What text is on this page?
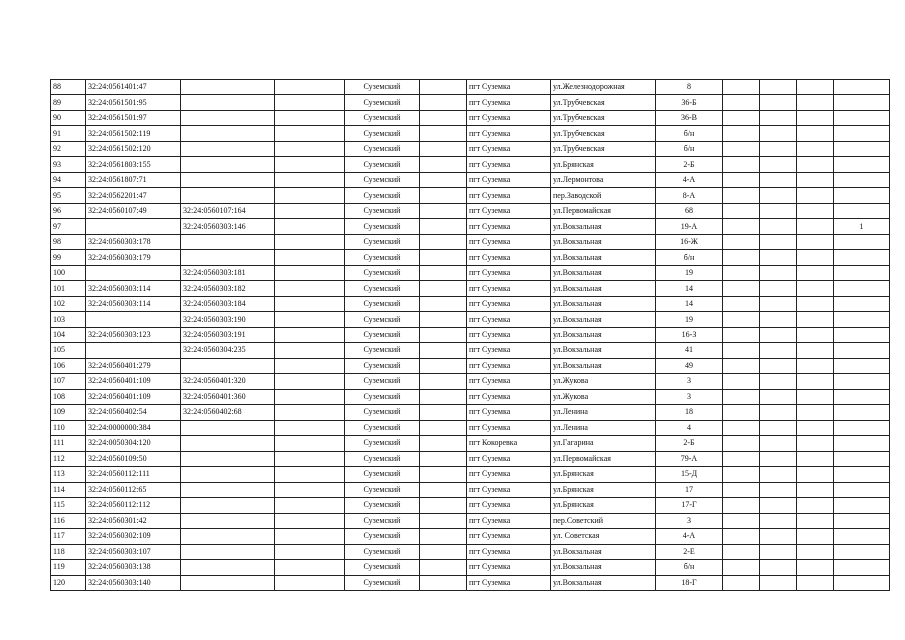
88	32:24:0561401:47			Суземский		пгт Суземка	ул.Железнодорожная	8				
89	32:24:0561501:95			Суземский		пгт Суземка	ул.Трубчевская	36-Б				
90	32:24:0561501:97			Суземский		пгт Суземка	ул.Трубчевская	36-В				
91	32:24:0561502:119			Суземский		пгт Суземка	ул.Трубчевская	б/н				
92	32:24:0561502:120			Суземский		пгт Суземка	ул.Трубчевская	б/н				
93	32:24:0561803:155			Суземский		пгт Суземка	ул.Брянская	2-Б				
94	32:24:0561807:71			Суземский		пгт Суземка	ул.Лермонтова	4-А				
95	32:24:0562201:47			Суземский		пгт Суземка	пер.Заводской	8-А				
96	32:24:0560107:49	32:24:0560107:164		Суземский		пгт Суземка	ул.Первомайская	68				
97		32:24:0560303:146		Суземский		пгт Суземка	ул.Вокзальная	19-А				1
98	32:24:0560303:178			Суземский		пгт Суземка	ул.Вокзальная	16-Ж				
99	32:24:0560303:179			Суземский		пгт Суземка	ул.Вокзальная	б/н				
100		32:24:0560303:181		Суземский		пгт Суземка	ул.Вокзальная	19				
101	32:24:0560303:114	32:24:0560303:182		Суземский		пгт Суземка	ул.Вокзальная	14				
102	32:24:0560303:114	32:24:0560303:184		Суземский		пгт Суземка	ул.Вокзальная	14				
103		32:24:0560303:190		Суземский		пгт Суземка	ул.Вокзальная	19				
104	32:24:0560303:123	32:24:0560303:191		Суземский		пгт Суземка	ул.Вокзальная	16-З				
105		32:24:0560304:235		Суземский		пгт Суземка	ул.Вокзальная	41				
106	32:24:0560401:279			Суземский		пгт Суземка	ул.Вокзальная	49				
107	32:24:0560401:109	32:24:0560401:320		Суземский		пгт Суземка	ул.Жукова	3				
108	32:24:0560401:109	32:24:0560401:360		Суземский		пгт Суземка	ул.Жукова	3				
109	32:24:0560402:54	32:24:0560402:68		Суземский		пгт Суземка	ул.Ленина	18				
110	32:24:0000000:384			Суземский		пгт Суземка	ул.Ленина	4				
111	32:24:0050304:120			Суземский		пгт Кокоревка	ул.Гагарина	2-Б				
112	32:24:0560109:50			Суземский		пгт Суземка	ул.Первомайская	79-А				
113	32:24:0560112:111			Суземский		пгт Суземка	ул.Брянская	15-Д				
114	32:24:0560112:65			Суземский		пгт Суземка	ул.Брянская	17				
115	32:24:0560112:112			Суземский		пгт Суземка	ул.Брянская	17-Г				
116	32:24:0560301:42			Суземский		пгт Суземка	пер.Советский	3				
117	32:24:0560302:109			Суземский		пгт Суземка	ул. Советская	4-А				
118	32:24:0560303:107			Суземский		пгт Суземка	ул.Вокзальная	2-Е				
119	32:24:0560303:138			Суземский		пгт Суземка	ул.Вокзальная	б/н				
120	32:24:0560303:140			Суземский		пгт Суземка	ул.Вокзальная	18-Г				
